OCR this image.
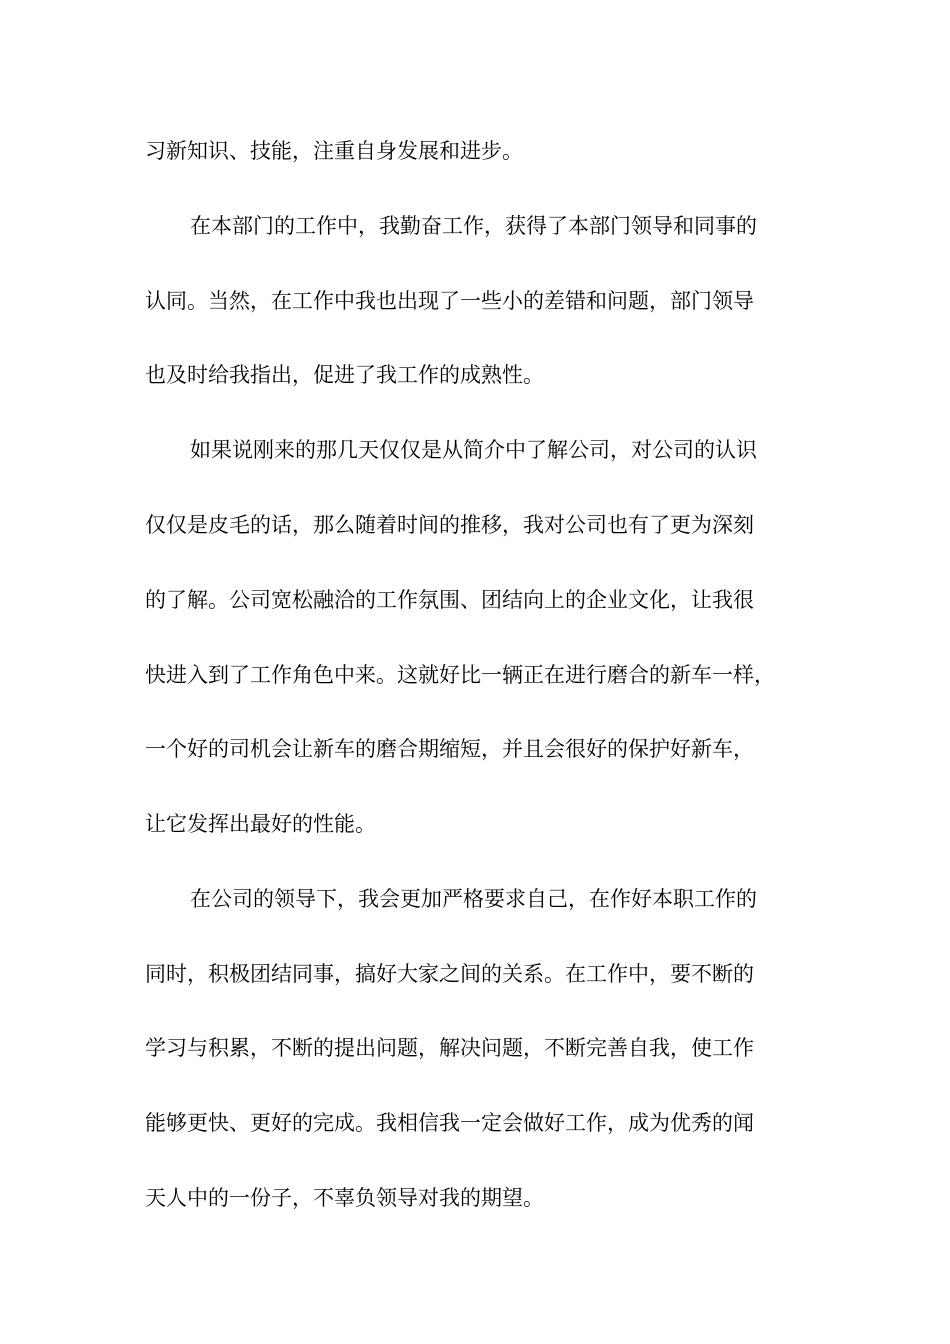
习新知识、技能，注重自身发展和进步。
在本部门的工作中，我勤奋工作，获得了本部门领导和同事的
认同。当然，在工作中我也出现了一些小的差错和问题，部门领导
也及时给我指出，促进了我工作的成熟性。
如果说刚来的那几天仅仅是从简介中了解公司，对公司的认识
仅仅是皮毛的话，那么随着时间的推移，我对公司也有了更为深刻
的了解。公司宽松融洽的工作氛围、团结向上的企业文化，让我很
快进入到了工作角色中来。这就好比一辆正在进行磨合的新车一样，
一个好的司机会让新车的磨合期缩短，并且会很好的保护好新车，
让它发挥出最好的性能。
在公司的领导下，我会更加严格要求自己，在作好本职工作的
同时，积极团结同事，搞好大家之间的关系。在工作中，要不断的
学习与积累，不断的提出问题，解决问题，不断完善自我，使工作
能够更快、更好的完成。我相信我一定会做好工作，成为优秀的闻
天人中的一份子，不辜负领导对我的期望。
